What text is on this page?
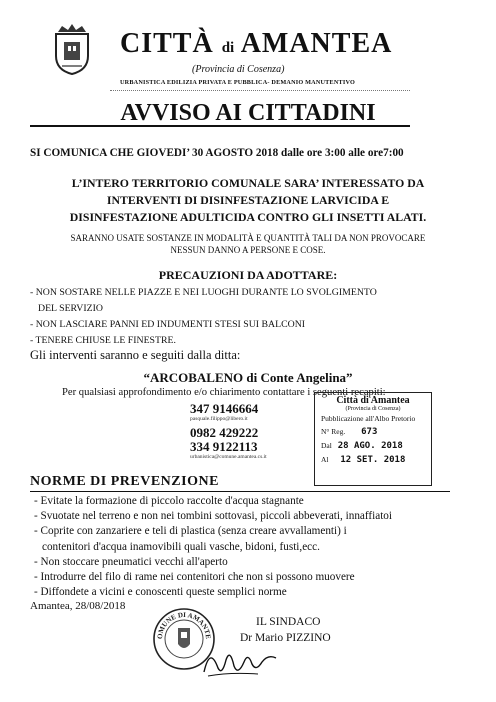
CITTÀ di AMANTEA
(Provincia di Cosenza)
URBANISTICA EDILIZIA PRIVATA E PUBBLICA- DEMANIO MANUTENTIVO
AVVISO AI CITTADINI
SI COMUNICA CHE GIOVEDI’ 30 AGOSTO 2018 dalle ore 3:00 alle ore7:00
L’INTERO TERRITORIO COMUNALE SARA’ INTERESSATO DA
INTERVENTI DI DISINFESTAZIONE LARVICIDA E
DISINFESTAZIONE ADULTICIDA CONTRO GLI INSETTI ALATI.
SARANNO USATE SOSTANZE IN MODALITÀ E QUANTITÀ TALI DA NON PROVOCARE
NESSUN DANNO A PERSONE E COSE.
PRECAUZIONI DA ADOTTARE:
- NON SOSTARE NELLE PIAZZE E NEI LUOGHI DURANTE LO SVOLGIMENTO
DEL SERVIZIO
- NON LASCIARE PANNI ED INDUMENTI STESI SUI BALCONI
- TENERE CHIUSE LE FINESTRE.
Gli interventi saranno e seguiti dalla ditta:
“ARCOBALENO di Conte Angelina”
Per qualsiasi approfondimento e/o chiarimento contattare i seguenti recapiti:
347 9146664
pasquale.filippo@libero.it
0982 429222
334 9122113
urbanistica@comune.amantea.cs.it
Città di Amantea
(Provincia di Cosenza)
Pubblicazione all'Albo Pretorio
N° Reg. 673
Dal 28 AGO. 2018
Al 12 SET. 2018
NORME DI PREVENZIONE
- Evitate la formazione di piccolo raccolte d'acqua stagnante
- Svuotate nel terreno e non nei tombini sottovasi, piccoli abbeverati, innaffiatoi
- Coprite con zanzariere e teli di plastica (senza creare avvallamenti) i
contenitori d'acqua inamovibili quali vasche, bidoni, fusti,ecc.
- Non stoccare pneumatici vecchi all'aperto
- Introdurre del filo di rame nei contenitori che non si possono muovere
- Diffondete a vicini e conoscenti queste semplici norme
Amantea, 28/08/2018
OMUNE DI AMANTE
IL SINDACO
Dr Mario PIZZINO
